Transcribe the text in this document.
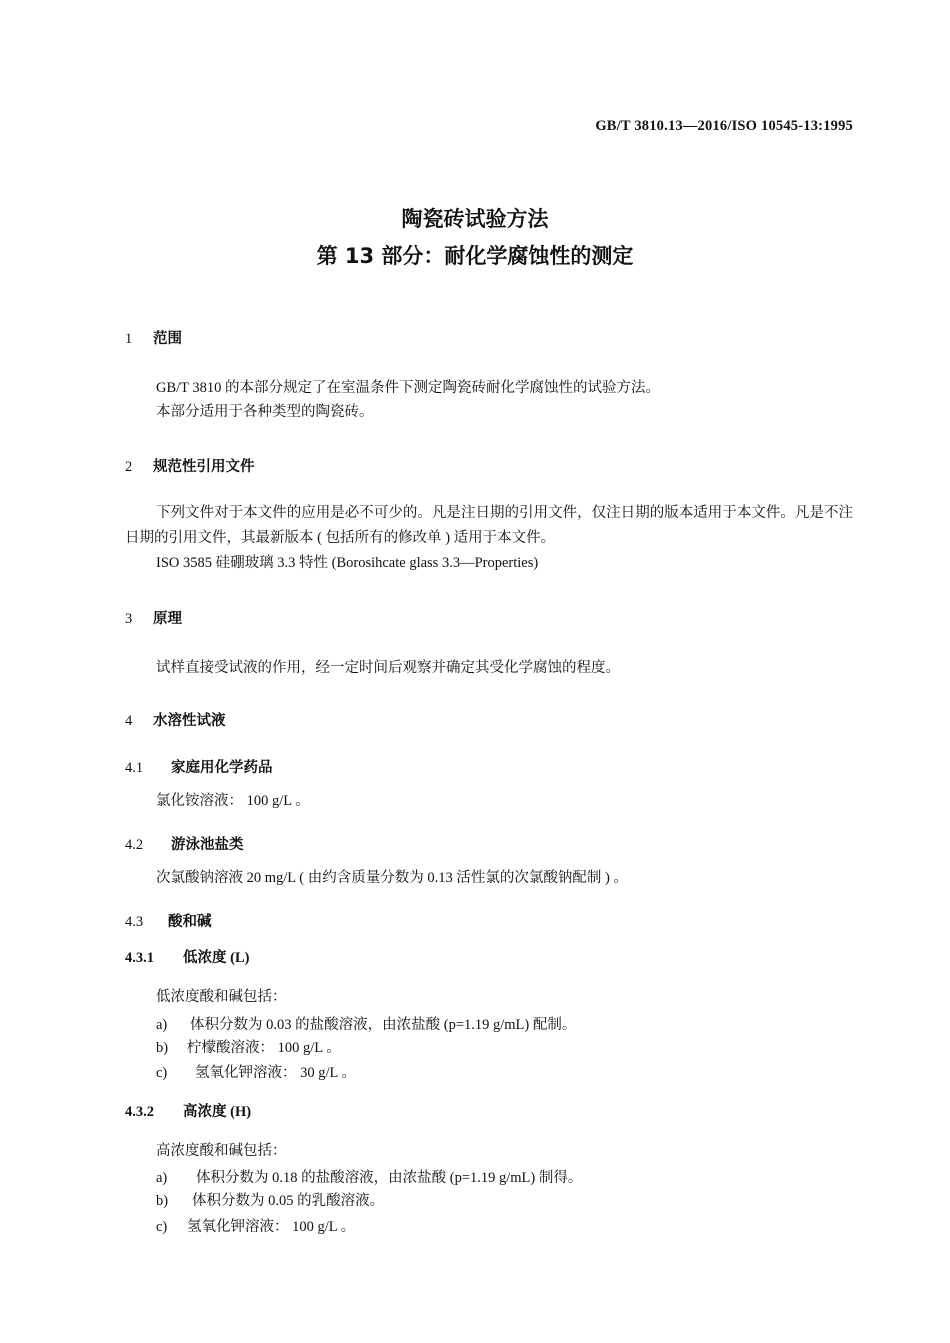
GB/T 3810.13—2016/ISO 10545-13:1995
陶瓷砖试验方法
第 13 部分：耐化学腐蚀性的测定
1 范围
GB/T 3810 的本部分规定了在室温条件下测定陶瓷砖耐化学腐蚀性的试验方法。
本部分适用于各种类型的陶瓷砖。
2 规范性引用文件
下列文件对于本文件的应用是必不可少的。凡是注日期的引用文件，仅注日期的版本适用于本文件。凡是不注日期的引用文件，其最新版本 ( 包括所有的修改单 ) 适用于本文件。
ISO 3585 硅硼玻璃 3.3 特性 (Borosihcate glass 3.3—Properties)
3 原理
试样直接受试液的作用，经一定时间后观察并确定其受化学腐蚀的程度。
4 水溶性试液
4.1 家庭用化学药品
氯化铵溶液： 100 g/L 。
4.2 游泳池盐类
次氯酸钠溶液 20 mg/L ( 由约含质量分数为 0.13 活性氯的次氯酸钠配制 ) 。
4.3 酸和碱
4.3.1 低浓度 (L)
低浓度酸和碱包括：
a) 体积分数为 0.03 的盐酸溶液，由浓盐酸 (p=1.19 g/mL) 配制。
b) 柠檬酸溶液： 100 g/L 。
c) 氢氧化钾溶液： 30 g/L 。
4.3.2 高浓度 (H)
高浓度酸和碱包括：
a) 体积分数为 0.18 的盐酸溶液，由浓盐酸 (p=1.19 g/mL) 制得。
b) 体积分数为 0.05 的乳酸溶液。
c) 氢氧化钾溶液： 100 g/L 。
